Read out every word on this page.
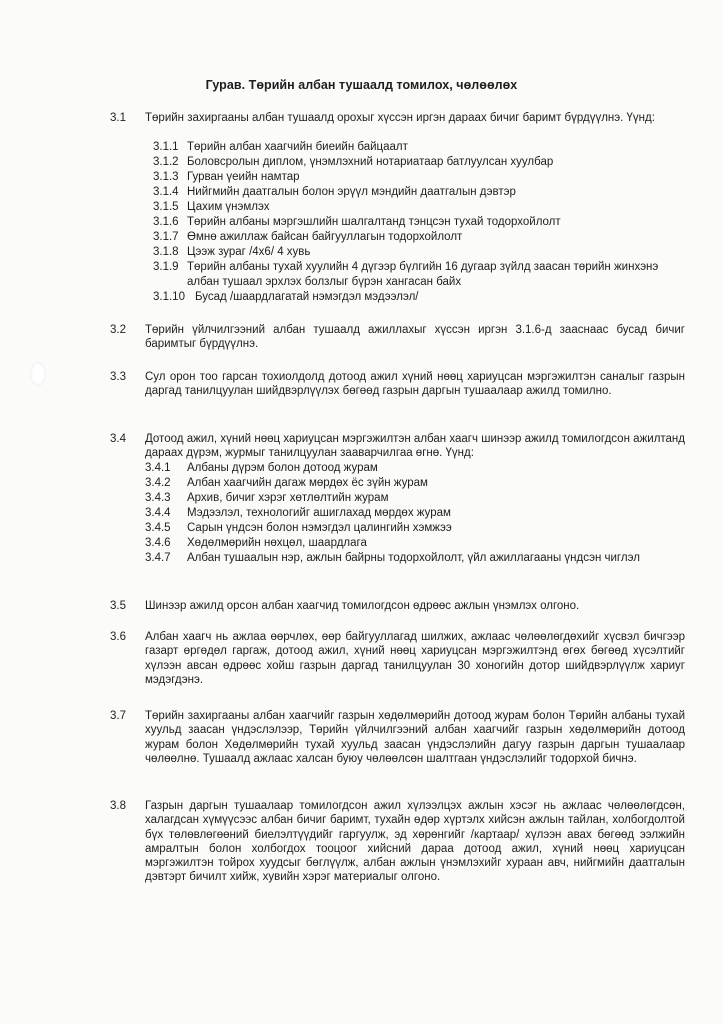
Гурав. Төрийн албан тушаалд томилох, чөлөөлөх
3.1 Төрийн захиргааны албан тушаалд орохыг хүссэн иргэн дараах бичиг баримт бүрдүүлнэ. Үүнд:

3.1.1 Төрийн албан хаагчийн биеийн байцаалт
3.1.2 Боловсролын диплом, үнэмлэхний нотариатаар батлуулсан хуулбар
3.1.3 Гурван үеийн намтар
3.1.4 Нийгмийн даатгалын болон эрүүл мэндийн даатгалын дэвтэр
3.1.5 Цахим үнэмлэх
3.1.6 Төрийн албаны мэргэшлийн шалгалтанд тэнцсэн тухай тодорхойлолт
3.1.7 Өмнө ажиллаж байсан байгууллагын тодорхойлолт
3.1.8 Цээж зураг /4х6/ 4 хувь
3.1.9 Төрийн албаны тухай хуулийн 4 дүгээр бүлгийн 16 дугаар зүйлд заасан төрийн жинхэнэ албан тушаал эрхлэх болзлыг бүрэн хангасан байх
3.1.10 Бусад /шаардлагатай нэмэгдэл мэдээлэл/
3.2 Төрийн үйлчилгээний албан тушаалд ажиллахыг хүссэн иргэн 3.1.6-д зааснаас бусад бичиг баримтыг бүрдүүлнэ.

3.3 Сул орон тоо гарсан тохиолдолд дотоод ажил хүний нөөц хариуцсан мэргэжилтэн саналыг газрын даргад танилцуулан шийдвэрлүүлэх бөгөөд газрын даргын тушаалаар ажилд томилно.

3.4 Дотоод ажил, хүний нөөц хариуцсан мэргэжилтэн албан хаагч шинээр ажилд томилогдсон ажилтанд дараах дүрэм, журмыг танилцуулан зааварчилгаа өгнө. Үүнд:

3.4.1 Албаны дүрэм болон дотоод журам
3.4.2 Албан хаагчийн дагаж мөрдөх ёс зүйн журам
3.4.3 Архив, бичиг хэрэг хөтлөлтийн журам
3.4.4 Мэдээлэл, технологийг ашиглахад мөрдөх журам
3.4.5 Сарын үндсэн болон нэмэгдэл цалингийн хэмжээ
3.4.6 Хөдөлмөрийн нөхцөл, шаардлага
3.4.7 Албан тушаалын нэр, ажлын байрны тодорхойлолт, үйл ажиллагааны үндсэн чиглэл
3.5 Шинээр ажилд орсон албан хаагчид томилогдсон өдрөөс ажлын үнэмлэх олгоно.

3.6 Албан хаагч нь ажлаа өөрчлөх, өөр байгууллагад шилжих, ажлаас чөлөөлөгдөхийг хүсвэл бичгээр газарт өргөдөл гаргаж, дотоод ажил, хүний нөөц хариуцсан мэргэжилтэнд өгөх бөгөөд хүсэлтийг хүлээн авсан өдрөөс хойш газрын даргад танилцуулан 30 хоногийн дотор шийдвэрлүүлж хариуг мэдэгдэнэ.

3.7 Төрийн захиргааны албан хаагчийг газрын хөдөлмөрийн дотоод журам болон Төрийн албаны тухай хуульд заасан үндэслэлээр, Төрийн үйлчилгээний албан хаагчийг газрын хөдөлмөрийн дотоод журам болон Хөдөлмөрийн тухай хуульд заасан үндэслэлийн дагуу газрын даргын тушаалаар чөлөөлнө. Тушаалд ажлаас халсан буюу чөлөөлсөн шалтгаан үндэслэлийг тодорхой бичнэ.

3.8 Газрын даргын тушаалаар томилогдсон ажил хүлээлцэх ажлын хэсэг нь ажлаас чөлөөлөгдсөн, халагдсан хүмүүсээс албан бичиг баримт, тухайн өдөр хүртэлх хийсэн ажлын тайлан, холбогдолтой бүх төлөвлөгөөний биелэлтүүдийг гаргуулж, эд хөрөнгийг /картаар/ хүлээн авах бөгөөд ээлжийн амралтын болон холбогдох тооцоог хийсний дараа дотоод ажил, хүний нөөц хариуцсан мэргэжилтэн тойрох хуудсыг бөглүүлж, албан ажлын үнэмлэхийг хураан авч, нийгмийн даатгалын дэвтэрт бичилт хийж, хувийн хэрэг материалыг олгоно.
